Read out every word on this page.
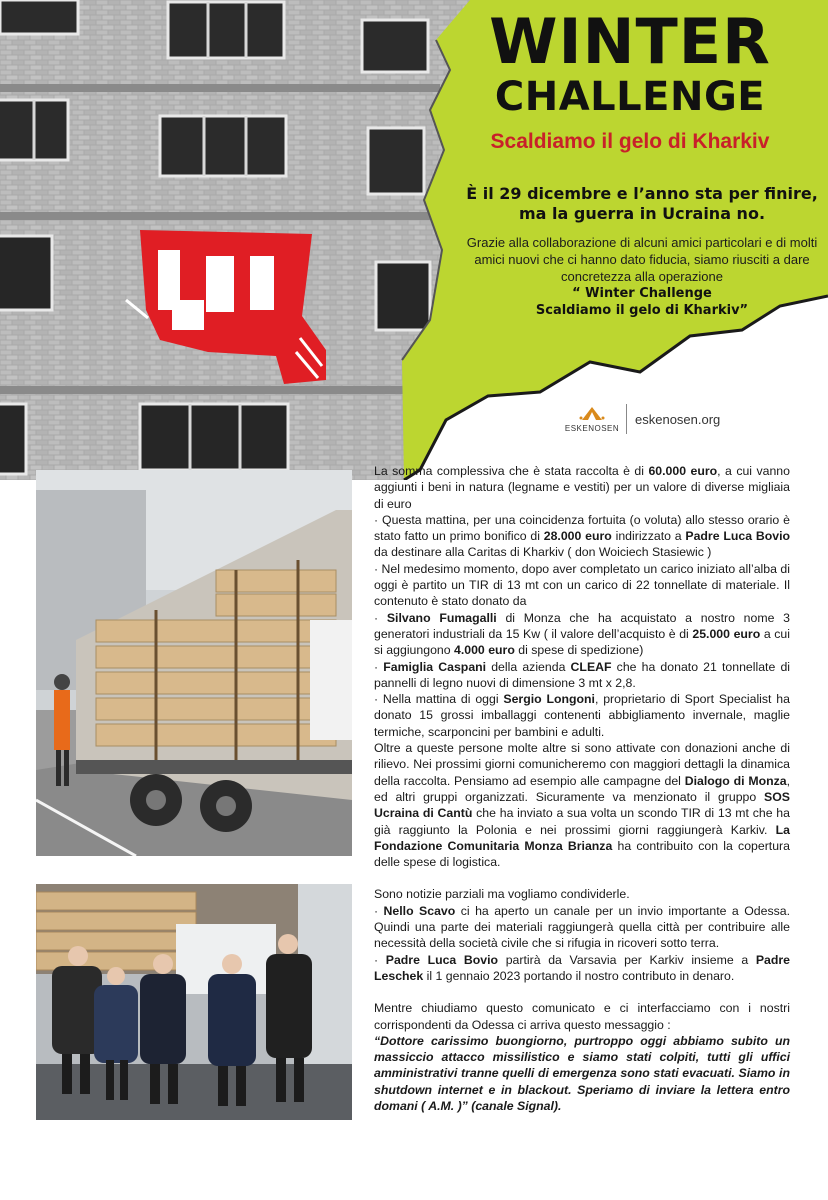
WINTER
CHALLENGE
Scaldiamo il gelo di Kharkiv
È il 29 dicembre e l’anno sta per finire,
ma la guerra in Ucraina no.
Grazie alla collaborazione di alcuni amici particolari e di molti amici nuovi che ci hanno dato fiducia, siamo riusciti a dare concretezza alla operazione
“ Winter Challenge
Scaldiamo il gelo di Kharkiv”
ESKENOSEN
eskenosen.org

La somma complessiva che è stata raccolta è di 60.000 euro, a cui vanno aggiunti i beni in natura (legname e vestiti) per un valore di diverse migliaia di euro

· Questa mattina, per una coincidenza fortuita (o voluta) allo stesso orario è stato fatto un primo bonifico di 28.000 euro indirizzato a Padre Luca Bovio da destinare alla Caritas di Kharkiv ( don Woiciech Stasiewic )

· Nel medesimo momento, dopo aver completato un carico iniziato all’alba di oggi è partito un TIR di 13 mt con un carico di 22 tonnellate di materiale. Il contenuto è stato donato da

· Silvano Fumagalli di Monza che ha acquistato a nostro nome 3 generatori industriali da 15 Kw ( il valore dell’acquisto è di 25.000 euro a cui si aggiungono 4.000 euro di spese di spedizione)

· Famiglia Caspani della azienda CLEAF che ha donato 21 tonnellate di pannelli di legno nuovi di dimensione 3 mt x 2,8.

· Nella mattina di oggi Sergio Longoni, proprietario di Sport Specialist ha donato 15 grossi imballaggi contenenti abbigliamento invernale, maglie termiche, scarponcini per bambini e adulti.

Oltre a queste persone molte altre si sono attivate con donazioni anche di rilievo. Nei prossimi giorni comunicheremo con maggiori dettagli la dinamica della raccolta. Pensiamo ad esempio alle campagne del Dialogo di Monza, ed altri gruppi organizzati. Sicuramente va menzionato il gruppo SOS Ucraina di Cantù che ha inviato a sua volta un scondo TIR di 13 mt che ha già raggiunto la Polonia e nei prossimi giorni raggiungerà Karkiv. La Fondazione Comunitaria Monza Brianza ha contribuito con la copertura delle spese di logistica.

Sono notizie parziali ma vogliamo condividerle.

· Nello Scavo ci ha aperto un canale per un invio importante a Odessa. Quindi una parte dei materiali raggiungerà quella città per contribuire alle necessità della società civile che si rifugia in ricoveri sotto terra.

· Padre Luca Bovio partirà da Varsavia per Karkiv insieme a Padre Leschek il 1 gennaio 2023 portando il nostro contributo in denaro.

Mentre chiudiamo questo comunicato e ci interfacciamo con i nostri corrispondenti da Odessa ci arriva questo messaggio :

“Dottore carissimo buongiorno, purtroppo oggi abbiamo subito un massiccio attacco missilistico e siamo stati colpiti, tutti gli uffici amministrativi tranne quelli di emergenza sono stati evacuati. Siamo in shutdown internet e in blackout. Speriamo di inviare la lettera entro domani ( A.M. )” (canale Signal).
